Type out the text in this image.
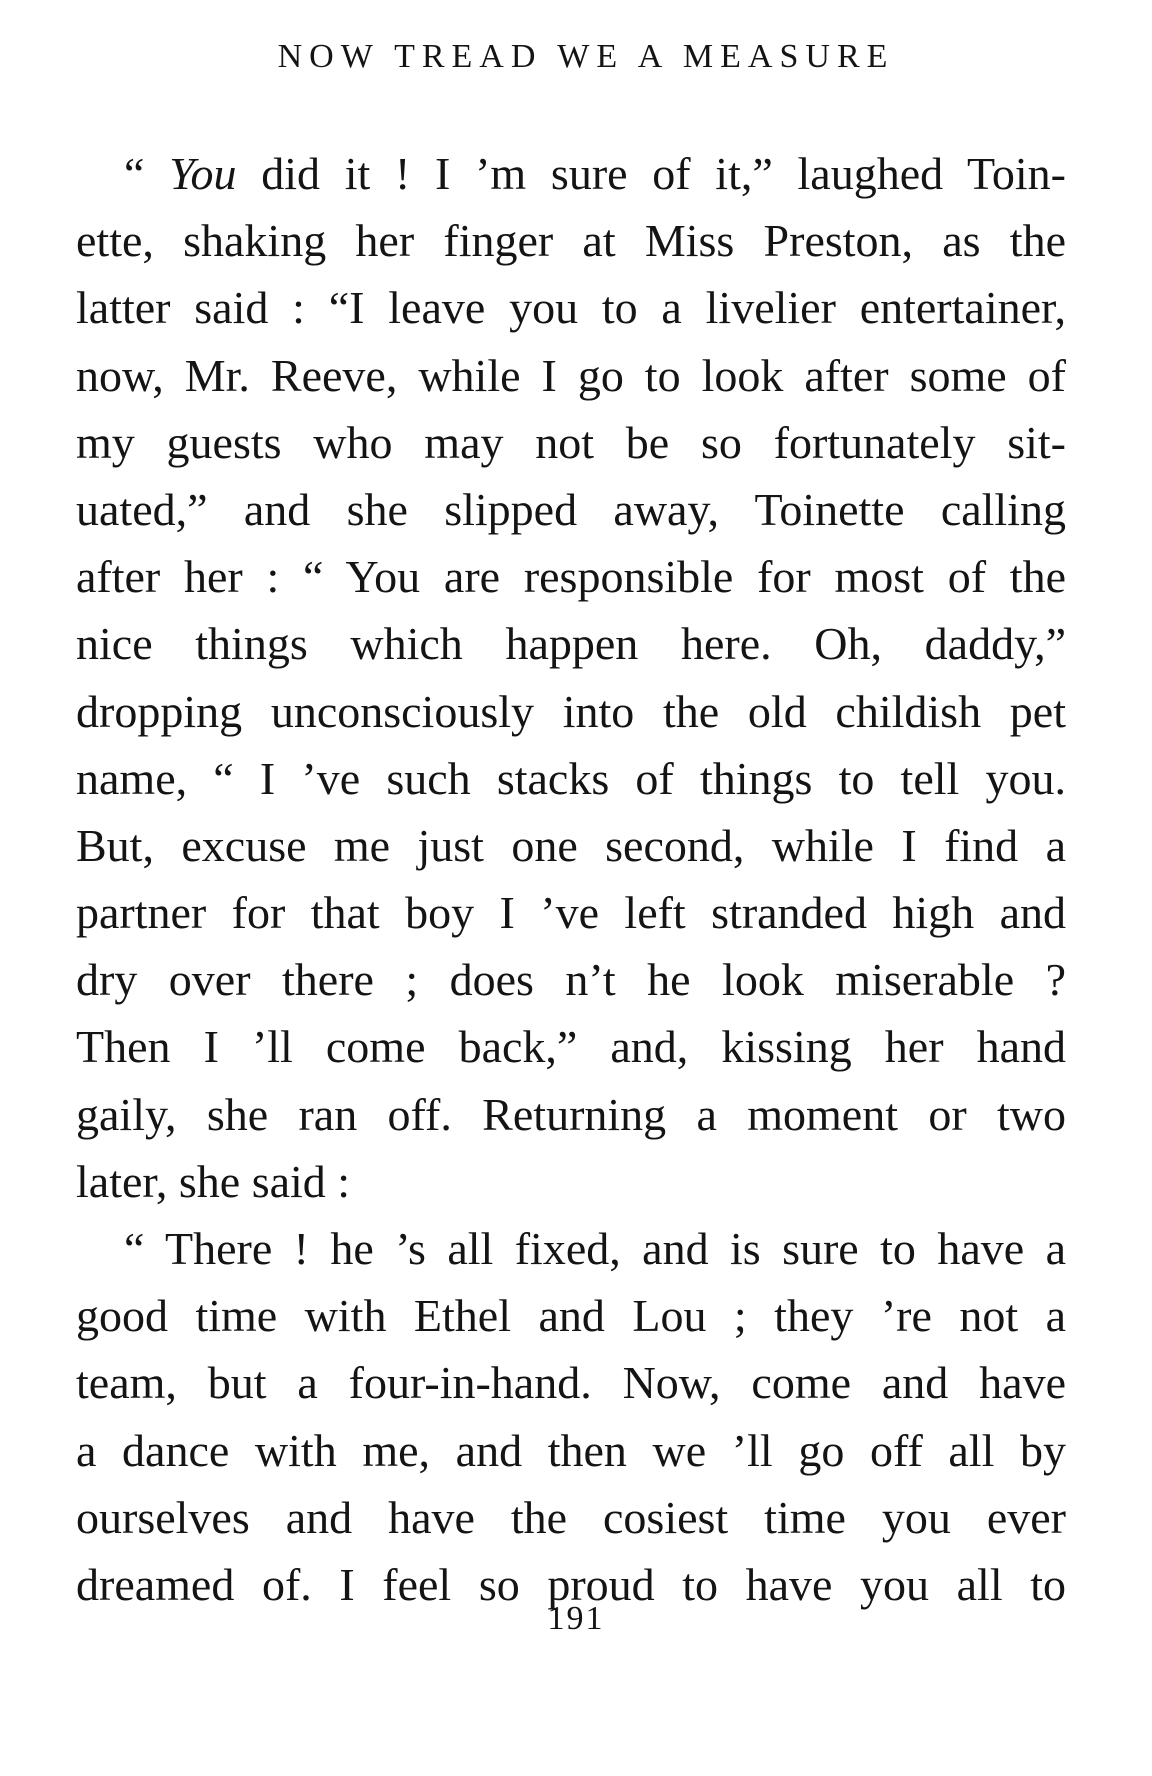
NOW TREAD WE A MEASURE
“ You did it ! I ’m sure of it,” laughed Toin-
ette, shaking her finger at Miss Preston, as the
latter said : “I leave you to a livelier entertainer,
now, Mr. Reeve, while I go to look after some of
my guests who may not be so fortunately sit-
uated,” and she slipped away, Toinette calling
after her : “ You are responsible for most of the
nice things which happen here. Oh, daddy,”
dropping unconsciously into the old childish pet
name, “ I ’ve such stacks of things to tell you.
But, excuse me just one second, while I find a
partner for that boy I ’ve left stranded high and
dry over there ; does n’t he look miserable ?
Then I ’ll come back,” and, kissing her hand
gaily, she ran off. Returning a moment or two
later, she said :
“ There ! he ’s all fixed, and is sure to have a
good time with Ethel and Lou ; they ’re not a
team, but a four-in-hand. Now, come and have
a dance with me, and then we ’ll go off all by
ourselves and have the cosiest time you ever
dreamed of. I feel so proud to have you all to
191
